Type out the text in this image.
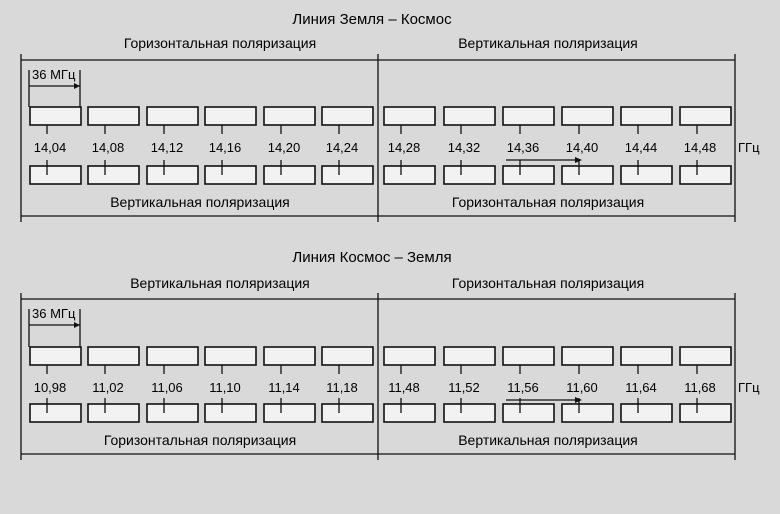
Линия Земля – Космос
Горизонтальная поляризация	Вертикальная поляризация
36 МГц
14,04 14,08 14,12 14,16 14,20 14,24 14,28 14,32 14,36 14,40 14,44 14,48 ГГц
Вертикальная поляризация	Горизонтальная поляризация
Линия Космос – Земля
Вертикальная поляризация	Горизонтальная поляризация
36 МГц
10,98 11,02 11,06 11,10 11,14 11,18 11,48 11,52 11,56 11,60 11,64 11,68 ГГц
Горизонтальная поляризация	Вертикальная поляризация
